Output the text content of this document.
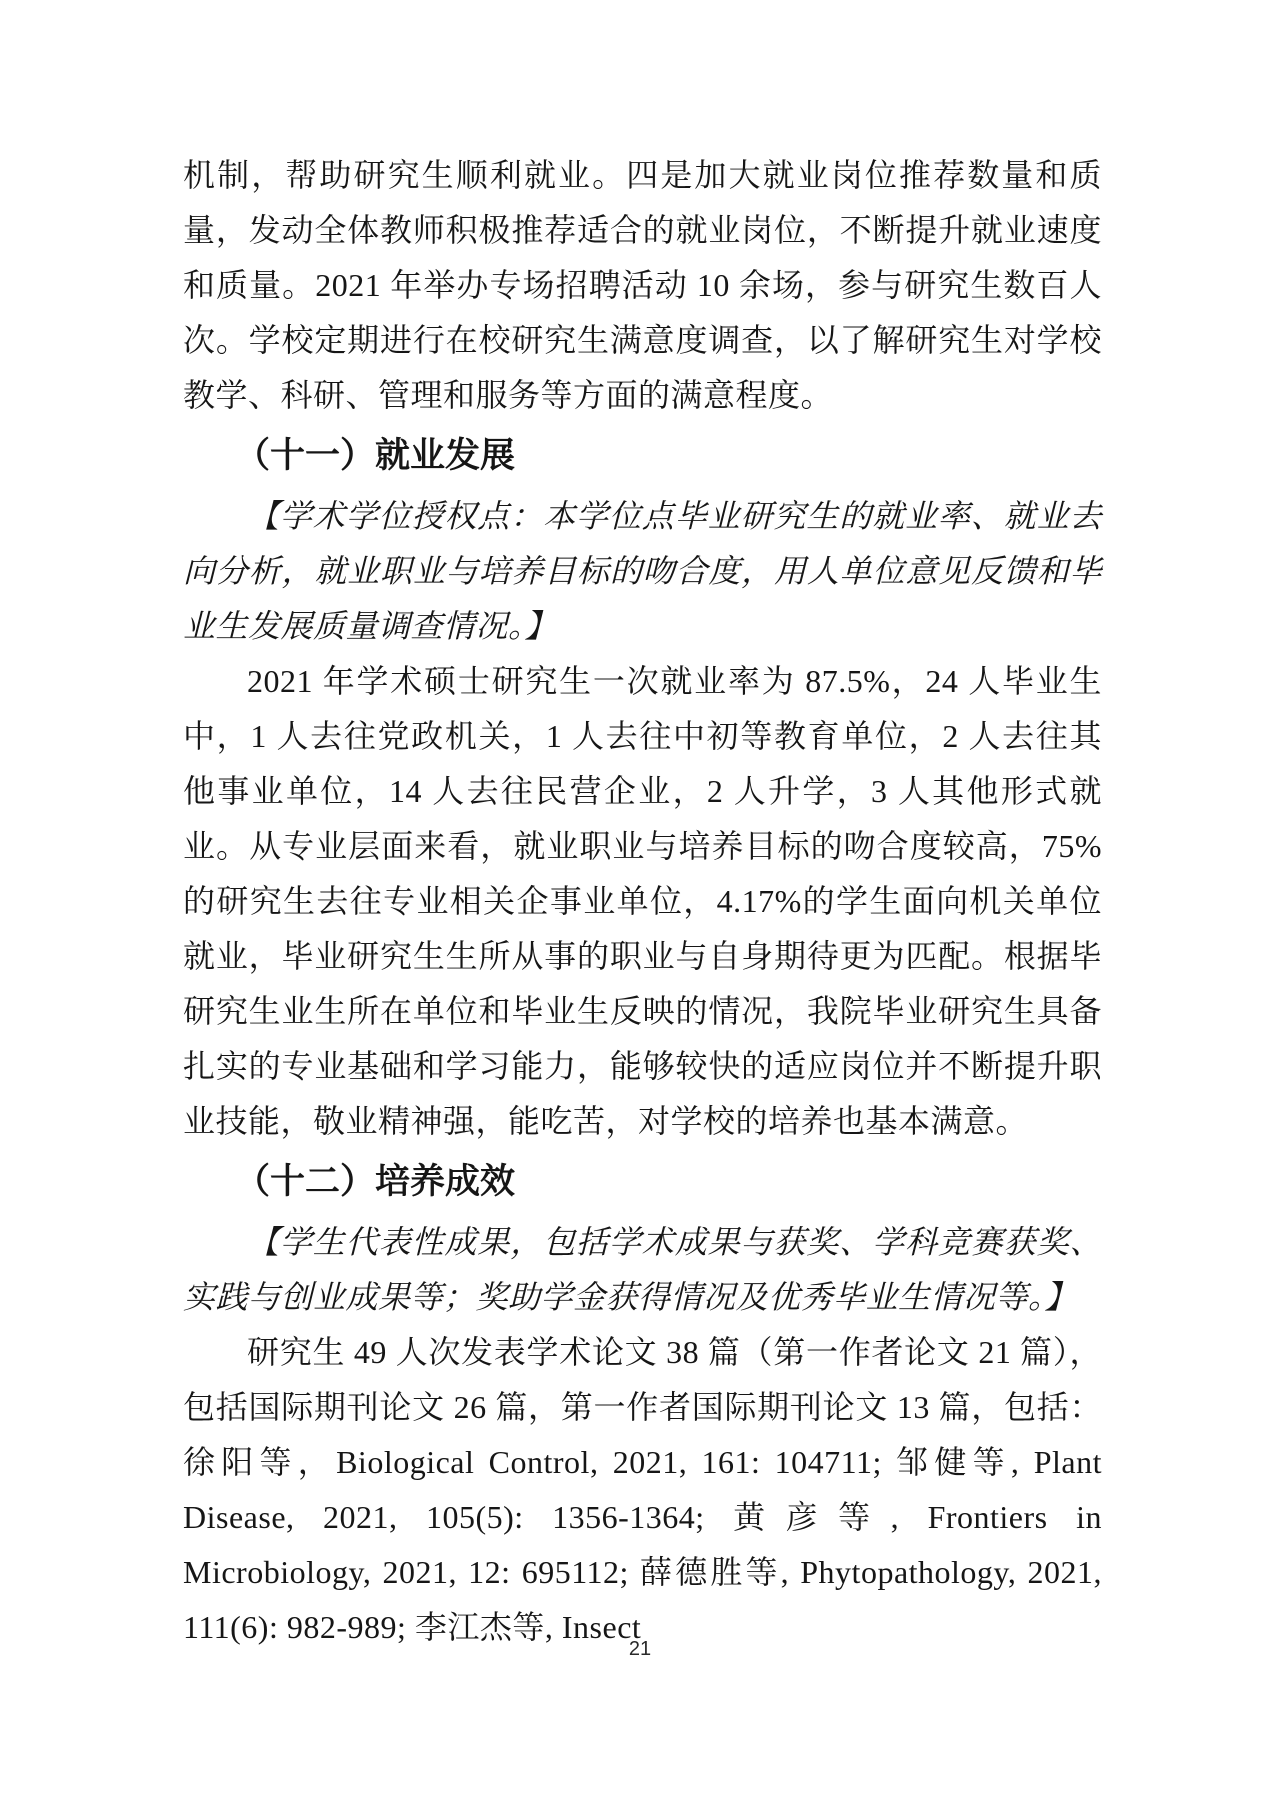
机制，帮助研究生顺利就业。四是加大就业岗位推荐数量和质量，发动全体教师积极推荐适合的就业岗位，不断提升就业速度和质量。2021 年举办专场招聘活动 10 余场，参与研究生数百人次。学校定期进行在校研究生满意度调查，以了解研究生对学校教学、科研、管理和服务等方面的满意程度。

（十一）就业发展

【学术学位授权点：本学位点毕业研究生的就业率、就业去向分析，就业职业与培养目标的吻合度，用人单位意见反馈和毕业生发展质量调查情况。】

2021 年学术硕士研究生一次就业率为 87.5%，24 人毕业生中，1 人去往党政机关，1 人去往中初等教育单位，2 人去往其他事业单位，14 人去往民营企业，2 人升学，3 人其他形式就业。从专业层面来看，就业职业与培养目标的吻合度较高，75%的研究生去往专业相关企事业单位，4.17%的学生面向机关单位就业，毕业研究生生所从事的职业与自身期待更为匹配。根据毕研究生业生所在单位和毕业生反映的情况，我院毕业研究生具备扎实的专业基础和学习能力，能够较快的适应岗位并不断提升职业技能，敬业精神强，能吃苦，对学校的培养也基本满意。

（十二）培养成效

【学生代表性成果，包括学术成果与获奖、学科竞赛获奖、实践与创业成果等；奖助学金获得情况及优秀毕业生情况等。】

研究生 49 人次发表学术论文 38 篇（第一作者论文 21 篇），包括国际期刊论文 26 篇，第一作者国际期刊论文 13 篇，包括：徐阳等，Biological Control, 2021, 161: 104711; 邹健等, Plant Disease, 2021, 105(5): 1356-1364; 黄彦等, Frontiers in Microbiology, 2021, 12: 695112; 薛德胜等, Phytopathology, 2021, 111(6): 982-989; 李江杰等, Insect

21
